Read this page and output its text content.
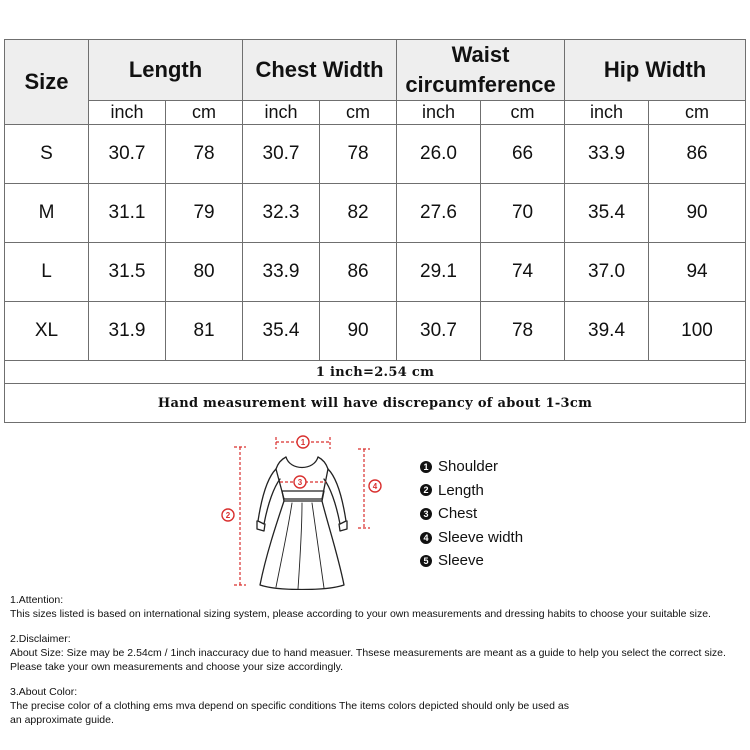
Size	Length		Chest Width		Waist circumference		Hip Width	
	inch	cm	inch	cm	inch	cm	inch	cm
S	30.7	78	30.7	78	26.0	66	33.9	86
M	31.1	79	32.3	82	27.6	70	35.4	90
L	31.5	80	33.9	86	29.1	74	37.0	94
XL	31.9	81	35.4	90	30.7	78	39.4	100
1 inch=2.54 cm								
Hand measurement will have discrepancy of about 1-3cm								
1
2
3	4
1 Shoulder
2 Length
3 Chest
4 Sleeve width
5 Sleeve

1.Attention:

This sizes listed is based on international sizing system, please according to your own measurements and dressing habits to choose your suitable size.

2.Disclaimer:

About Size: Size may be 2.54cm / 1inch inaccuracy due to hand measuer. Thsese measurements are meant as a guide to help you select the correct size.

Please take your own measurements and choose your size accordingly.

3.About Color:

The precise color of a clothing ems mva depend on specific conditions The items colors depicted should only be used as

an approximate guide.
